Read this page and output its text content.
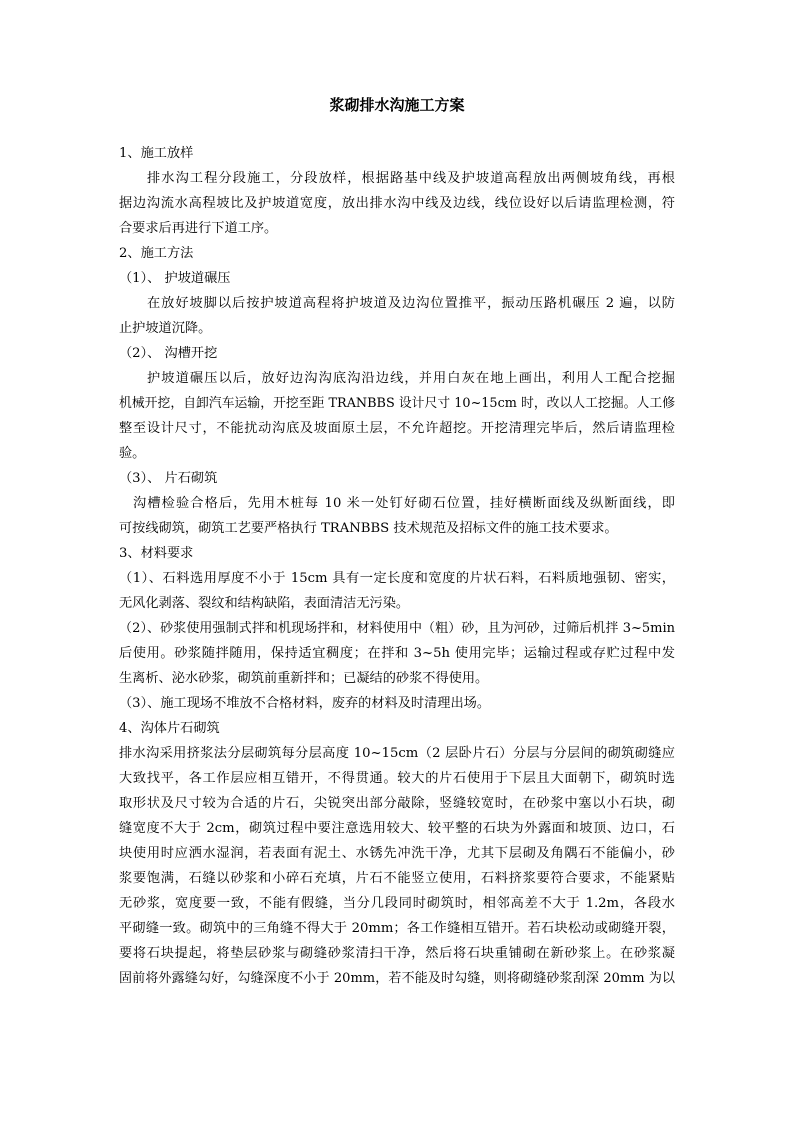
浆砌排水沟施工方案
1、施工放样
排水沟工程分段施工，分段放样，根据路基中线及护坡道高程放出两侧坡角线，再根
据边沟流水高程坡比及护坡道宽度，放出排水沟中线及边线，线位设好以后请监理检测，符
合要求后再进行下道工序。
2、施工方法
（1）、 护坡道碾压
在放好坡脚以后按护坡道高程将护坡道及边沟位置推平，振动压路机碾压 2 遍，以防
止护坡道沉降。
（2）、 沟槽开挖
护坡道碾压以后，放好边沟沟底沟沿边线，并用白灰在地上画出，利用人工配合挖掘
机械开挖，自卸汽车运输，开挖至距 TRANBBS 设计尺寸 10~15cm 时，改以人工挖掘。人工修
整至设计尺寸，不能扰动沟底及坡面原土层，不允许超挖。开挖清理完毕后，然后请监理检
验。
（3）、 片石砌筑
沟槽检验合格后，先用木桩每 10 米一处钉好砌石位置，挂好横断面线及纵断面线，即
可按线砌筑，砌筑工艺要严格执行 TRANBBS 技术规范及招标文件的施工技术要求。
3、材料要求
（1）、石料选用厚度不小于 15cm 具有一定长度和宽度的片状石料，石料质地强韧、密实，
无风化剥落、裂纹和结构缺陷，表面清洁无污染。
（2）、砂浆使用强制式拌和机现场拌和，材料使用中（粗）砂，且为河砂，过筛后机拌 3~5min
后使用。砂浆随拌随用，保持适宜稠度；在拌和 3~5h 使用完毕；运输过程或存贮过程中发
生离析、泌水砂浆，砌筑前重新拌和；已凝结的砂浆不得使用。
（3）、施工现场不堆放不合格材料，废弃的材料及时清理出场。
4、沟体片石砌筑
排水沟采用挤浆法分层砌筑每分层高度 10~15cm（2 层卧片石）分层与分层间的砌筑砌缝应
大致找平，各工作层应相互错开，不得贯通。较大的片石使用于下层且大面朝下，砌筑时选
取形状及尺寸较为合适的片石，尖锐突出部分敲除，竖缝较宽时，在砂浆中塞以小石块，砌
缝宽度不大于 2cm，砌筑过程中要注意选用较大、较平整的石块为外露面和坡顶、边口，石
块使用时应洒水湿润，若表面有泥土、水锈先冲洗干净，尤其下层砌及角隅石不能偏小，砂
浆要饱满，石缝以砂浆和小碎石充填，片石不能竖立使用，石料挤浆要符合要求，不能紧贴
无砂浆，宽度要一致，不能有假缝，当分几段同时砌筑时，相邻高差不大于 1.2m，各段水
平砌缝一致。砌筑中的三角缝不得大于 20mm；各工作缝相互错开。若石块松动或砌缝开裂，
要将石块提起，将垫层砂浆与砌缝砂浆清扫干净，然后将石块重铺砌在新砂浆上。在砂浆凝
固前将外露缝勾好，勾缝深度不小于 20mm，若不能及时勾缝，则将砌缝砂浆刮深 20mm 为以
